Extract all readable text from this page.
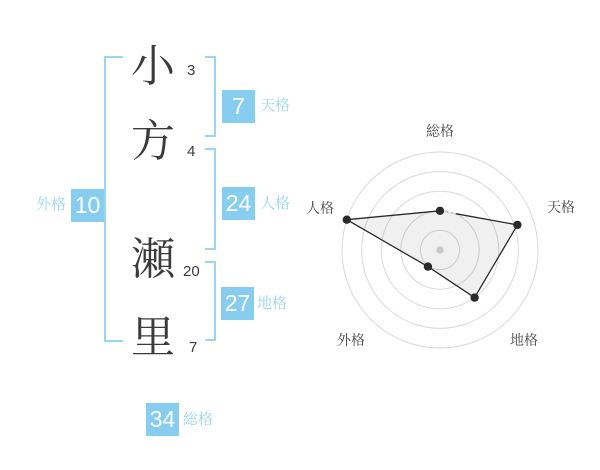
小
方
瀬
里
3
4
20
7
7	天格
24 人格
27 地格
外格 10
34 総格
総格
天格
地格
外格
人格
